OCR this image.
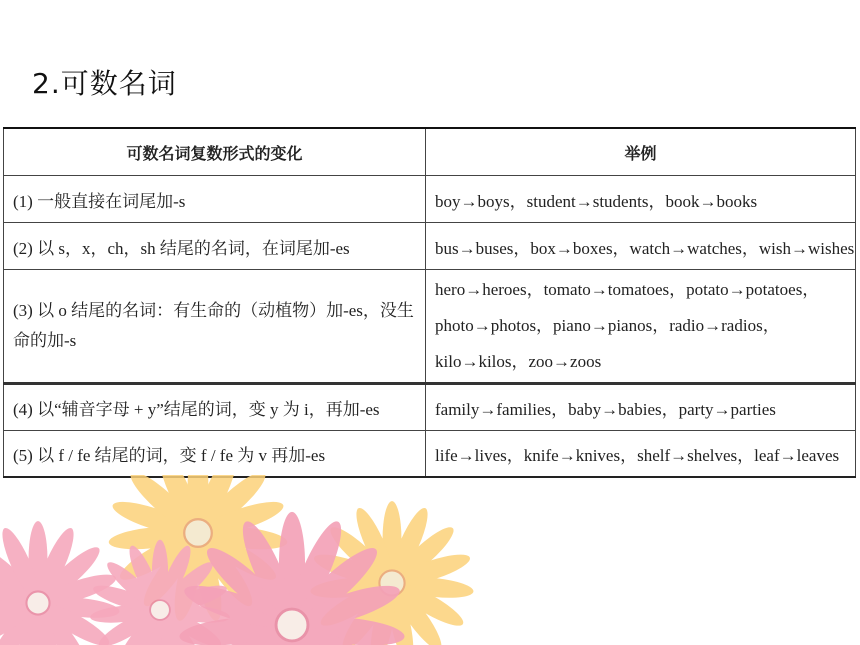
2.可数名词
可数名词复数形式的变化	举例
(1) 一般直接在词尾加-s	boy→boys，student→students，book→books

(2) 以 s，x，ch，sh 结尾的名词，在词尾加-es	bus→buses，box→boxes，watch→watches，wish→wishes

(3) 以 o 结尾的名词：有生命的（动植物）加-es，没生命的加-s	hero→heroes，tomato→tomatoes，potato→potatoes，
photo→photos，piano→pianos，radio→radios，
kilo→kilos，zoo→zoos

(4) 以“辅音字母 + y”结尾的词，变 y 为 i，再加-es	family→families，baby→babies，party→parties

(5) 以 f / fe 结尾的词，变 f / fe 为 v 再加-es	life→lives，knife→knives，shelf→shelves，leaf→leaves
